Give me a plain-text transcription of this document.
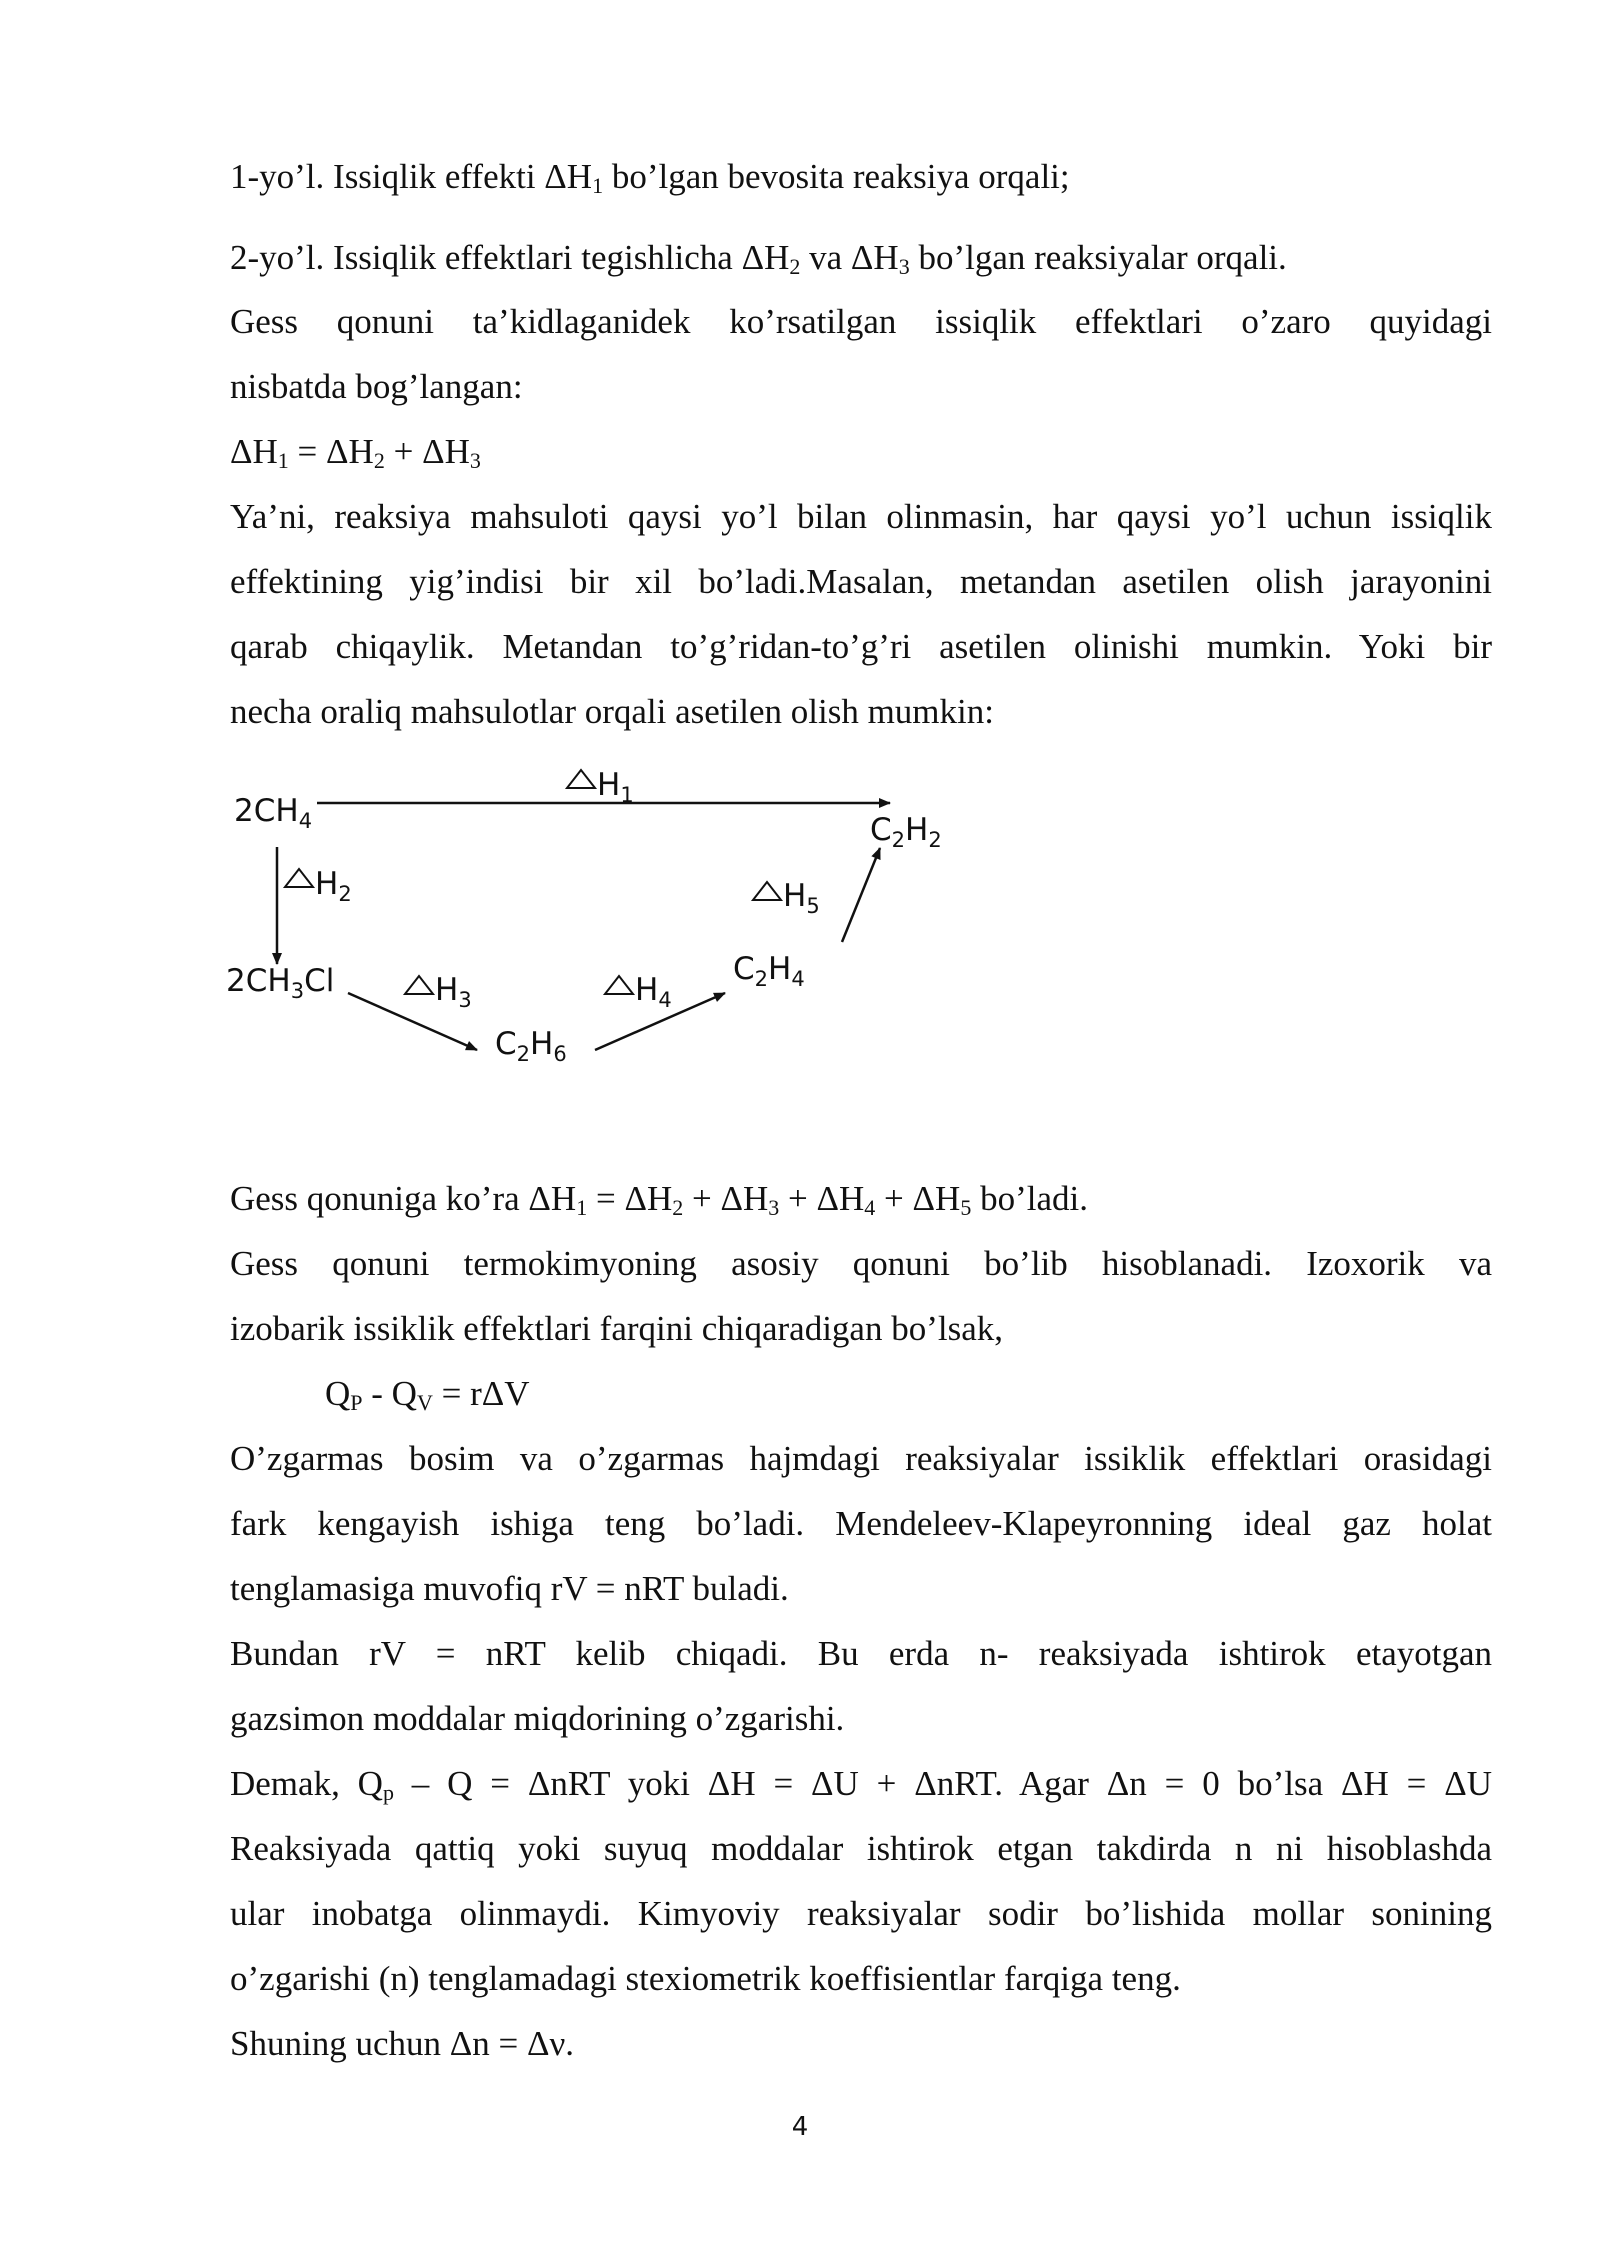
1-yo’l. Issiqlik effekti $\Delta H_1$ bo’lgan bevosita reaksiya orqali;
2-yo’l. Issiqlik effektlari tegishlicha $\Delta H_2$ va $\Delta H_3$ bo’lgan reaksiyalar orqali.
Gess qonuni ta’kidlaganidek ko’rsatilgan issiqlik effektlari o’zaro quyidagi
nisbatda bog’langan:
$\Delta H_1 = \Delta H_2 + \Delta H_3$
Ya’ni, reaksiya mahsuloti qaysi yo’l bilan olinmasin, har qaysi yo’l uchun issiqlik
effektining yig’indisi bir xil bo’ladi.Masalan, metandan asetilen olish jarayonini
qarab chiqaylik. Metandan to’g’ridan-to’g’ri asetilen olinishi mumkin. Yoki bir
necha oraliq mahsulotlar orqali asetilen olish mumkin:
$H_1$
$H_2$
$H_3$	$H_4$
$H_5$
$2CH_4$
$2CH_3Cl$
$C_2H_6$
$C_2H_4$
$C_2H_2$
Gess qonuniga ko’ra $\Delta H_1 = \Delta H_2 + \Delta H_3 + \Delta H_4 + \Delta H_5$ bo’ladi.
Gess qonuni termokimyoning asosiy qonuni bo’lib hisoblanadi. Izoxorik va
izobarik issiklik effektlari farqini chiqaradigan bo’lsak,
$Q_P - Q_V = r\Delta V$
O’zgarmas bosim va o’zgarmas hajmdagi reaksiyalar issiklik effektlari orasidagi
fark kengayish ishiga teng bo’ladi. Mendeleev-Klapeyronning ideal gaz holat
tenglamasiga muvofiq rV = nRT buladi.
Bundan rV = nRT kelib chiqadi. Bu erda n- reaksiyada ishtirok etayotgan
gazsimon moddalar miqdorining o’zgarishi.
Demak, $Q_p - Q = \Delta nRT$ yoki ΔH = ΔU + ΔnRT. Agar Δn = 0 bo’lsa ΔH = ΔU
Reaksiyada qattiq yoki suyuq moddalar ishtirok etgan takdirda n ni hisoblashda
ular inobatga olinmaydi. Kimyoviy reaksiyalar sodir bo’lishida mollar sonining
o’zgarishi (n) tenglamadagi stexiometrik koeffisientlar farqiga teng.
Shuning uchun Δn = Δν.
4
